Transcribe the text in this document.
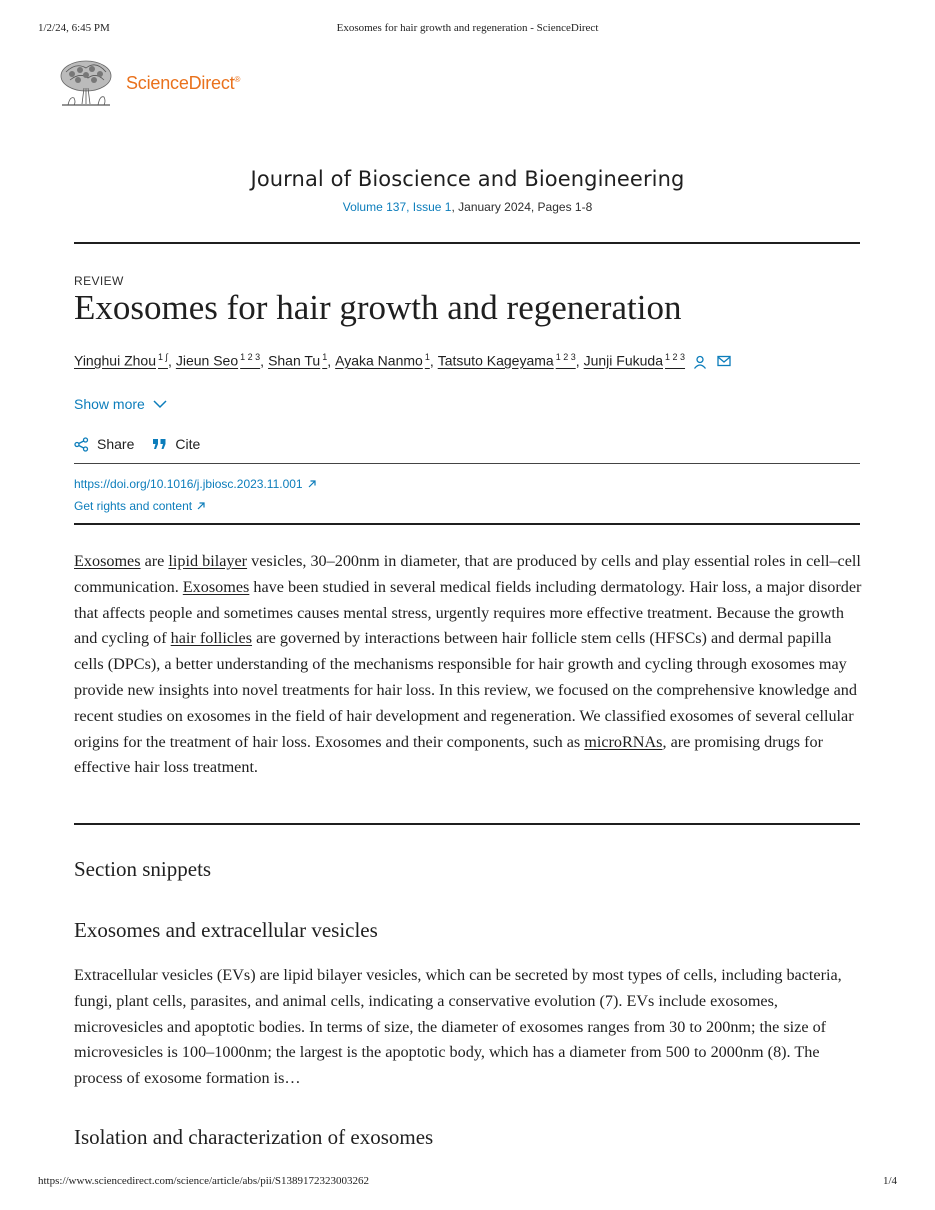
1/2/24, 6:45 PM	Exosomes for hair growth and regeneration - ScienceDirect
ScienceDirect®
Journal of Bioscience and Bioengineering
Volume 137, Issue 1, January 2024, Pages 1-8
REVIEW
Exosomes for hair growth and regeneration
Yinghui Zhou $^{1 \int}$ , Jieun Seo $^{1 2 3}$ , Shan Tu $^1$ , Ayaka Nanmo $^1$ , Tatsuto Kageyama $^{1 2 3}$ , Junji Fukuda $^{1 2 3}$
Show more
Share	Cite
https://doi.org/10.1016/j.jbiosc.2023.11.001
Get rights and content

Exosomes are lipid bilayer vesicles, 30–200nm in diameter, that are produced by cells and play essential roles in cell–cell communication. Exosomes have been studied in several medical fields including dermatology. Hair loss, a major disorder that affects people and sometimes causes mental stress, urgently requires more effective treatment. Because the growth and cycling of hair follicles are governed by interactions between hair follicle stem cells (HFSCs) and dermal papilla cells (DPCs), a better understanding of the mechanisms responsible for hair growth and cycling through exosomes may provide new insights into novel treatments for hair loss. In this review, we focused on the comprehensive knowledge and recent studies on exosomes in the field of hair development and regeneration. We classified exosomes of several cellular origins for the treatment of hair loss. Exosomes and their components, such as microRNAs, are promising drugs for effective hair loss treatment.

Section snippets
Exosomes and extracellular vesicles

Extracellular vesicles (EVs) are lipid bilayer vesicles, which can be secreted by most types of cells, including bacteria, fungi, plant cells, parasites, and animal cells, indicating a conservative evolution (7). EVs include exosomes, microvesicles and apoptotic bodies. In terms of size, the diameter of exosomes ranges from 30 to 200nm; the size of microvesicles is 100–1000nm; the largest is the apoptotic body, which has a diameter from 500 to 2000nm (8). The process of exosome formation is…

Isolation and characterization of exosomes
https://www.sciencedirect.com/science/article/abs/pii/S1389172323003262	1/4
